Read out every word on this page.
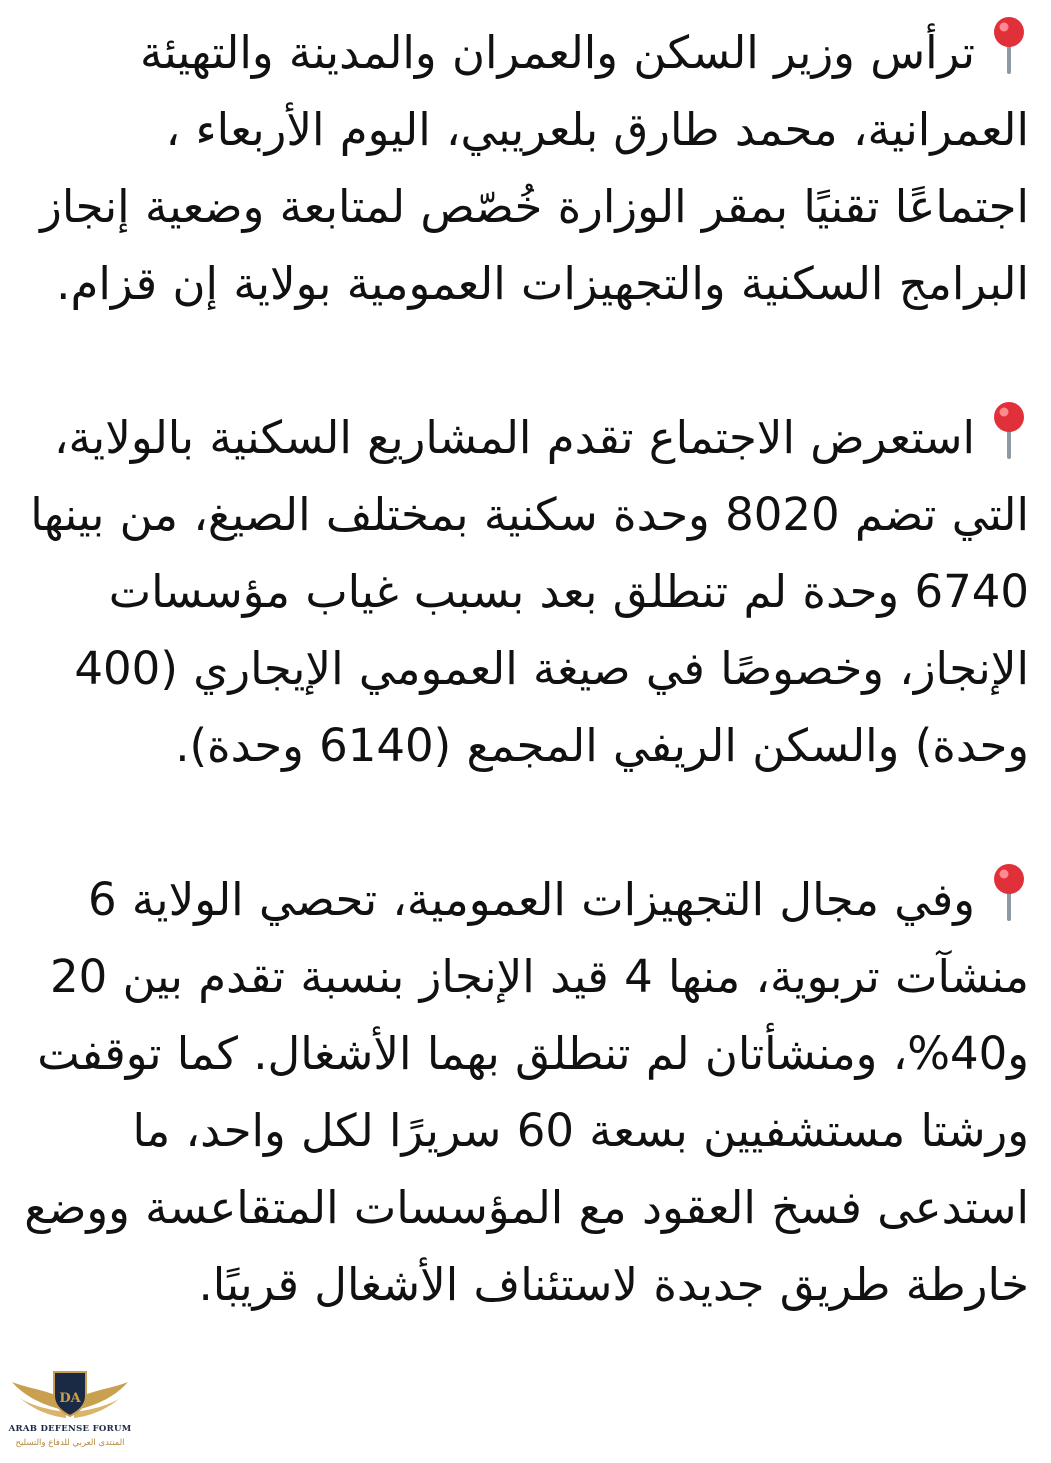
ترأس وزير السكن والعمران والمدينة والتهيئة العمرانية، محمد طارق بلعريبي، اليوم الأربعاء ، اجتماعًا تقنيًا بمقر الوزارة خُصّص لمتابعة وضعية إنجاز البرامج السكنية والتجهيزات العمومية بولاية إن قزام.

استعرض الاجتماع تقدم المشاريع السكنية بالولاية، التي تضم 8020 وحدة سكنية بمختلف الصيغ، من بينها 6740 وحدة لم تنطلق بعد بسبب غياب مؤسسات الإنجاز، وخصوصًا في صيغة العمومي الإيجاري (400 وحدة) والسكن الريفي المجمع (6140 وحدة).

وفي مجال التجهيزات العمومية، تحصي الولاية 6 منشآت تربوية، منها 4 قيد الإنجاز بنسبة تقدم بين 20 و40%، ومنشأتان لم تنطلق بهما الأشغال. كما توقفت ورشتا مستشفيين بسعة 60 سريرًا لكل واحد، ما استدعى فسخ العقود مع المؤسسات المتقاعسة ووضع خارطة طريق جديدة لاستئناف الأشغال قريبًا.

DA
ARAB DEFENSE FORUM
المنتدى العربي للدفاع والتسليح
